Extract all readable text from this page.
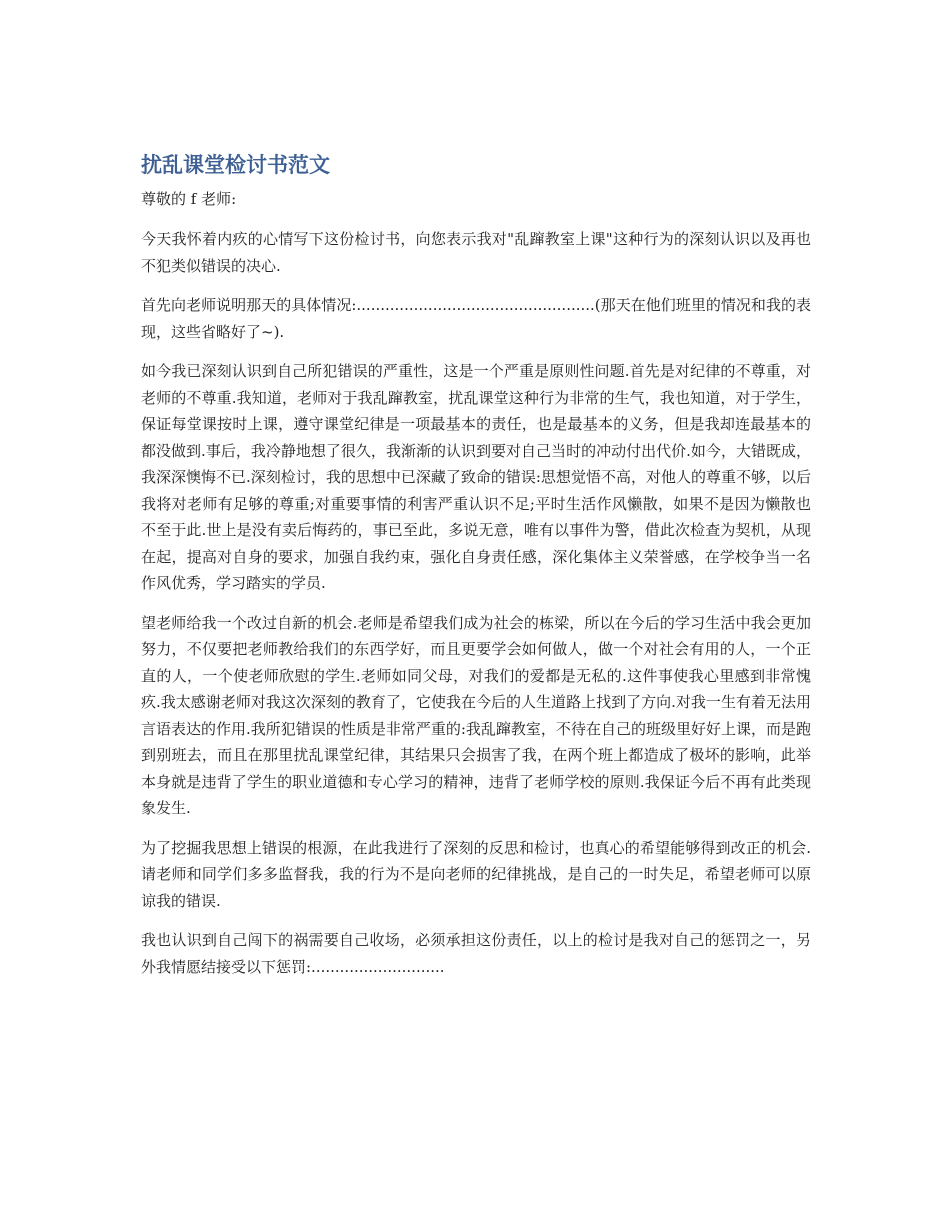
扰乱课堂检讨书范文

尊敬的 f 老师:

今天我怀着内疚的心情写下这份检讨书，向您表示我对"乱蹿教室上课"这种行为的深刻认识以及再也不犯类似错误的决心.

首先向老师说明那天的具体情况:..................................................(那天在他们班里的情况和我的表现，这些省略好了~).

如今我已深刻认识到自己所犯错误的严重性，这是一个严重是原则性问题.首先是对纪律的不尊重，对老师的不尊重.我知道，老师对于我乱蹿教室，扰乱课堂这种行为非常的生气，我也知道，对于学生，保证每堂课按时上课，遵守课堂纪律是一项最基本的责任，也是最基本的义务，但是我却连最基本的都没做到.事后，我冷静地想了很久，我渐渐的认识到要对自己当时的冲动付出代价.如今，大错既成，我深深懊悔不已.深刻检讨，我的思想中已深藏了致命的错误:思想觉悟不高，对他人的尊重不够，以后我将对老师有足够的尊重;对重要事情的利害严重认识不足;平时生活作风懒散，如果不是因为懒散也不至于此.世上是没有卖后悔药的，事已至此，多说无意，唯有以事件为警，借此次检查为契机，从现在起，提高对自身的要求，加强自我约束，强化自身责任感，深化集体主义荣誉感，在学校争当一名作风优秀，学习踏实的学员.

望老师给我一个改过自新的机会.老师是希望我们成为社会的栋梁，所以在今后的学习生活中我会更加努力，不仅要把老师教给我们的东西学好，而且更要学会如何做人，做一个对社会有用的人，一个正直的人，一个使老师欣慰的学生.老师如同父母，对我们的爱都是无私的.这件事使我心里感到非常愧疚.我太感谢老师对我这次深刻的教育了，它使我在今后的人生道路上找到了方向.对我一生有着无法用言语表达的作用.我所犯错误的性质是非常严重的:我乱蹿教室，不待在自己的班级里好好上课，而是跑到别班去，而且在那里扰乱课堂纪律，其结果只会损害了我，在两个班上都造成了极坏的影响，此举本身就是违背了学生的职业道德和专心学习的精神，违背了老师学校的原则.我保证今后不再有此类现象发生.

为了挖掘我思想上错误的根源，在此我进行了深刻的反思和检讨，也真心的希望能够得到改正的机会.请老师和同学们多多监督我，我的行为不是向老师的纪律挑战，是自己的一时失足，希望老师可以原谅我的错误.

我也认识到自己闯下的祸需要自己收场，必须承担这份责任，以上的检讨是我对自己的惩罚之一，另外我情愿结接受以下惩罚:............................
